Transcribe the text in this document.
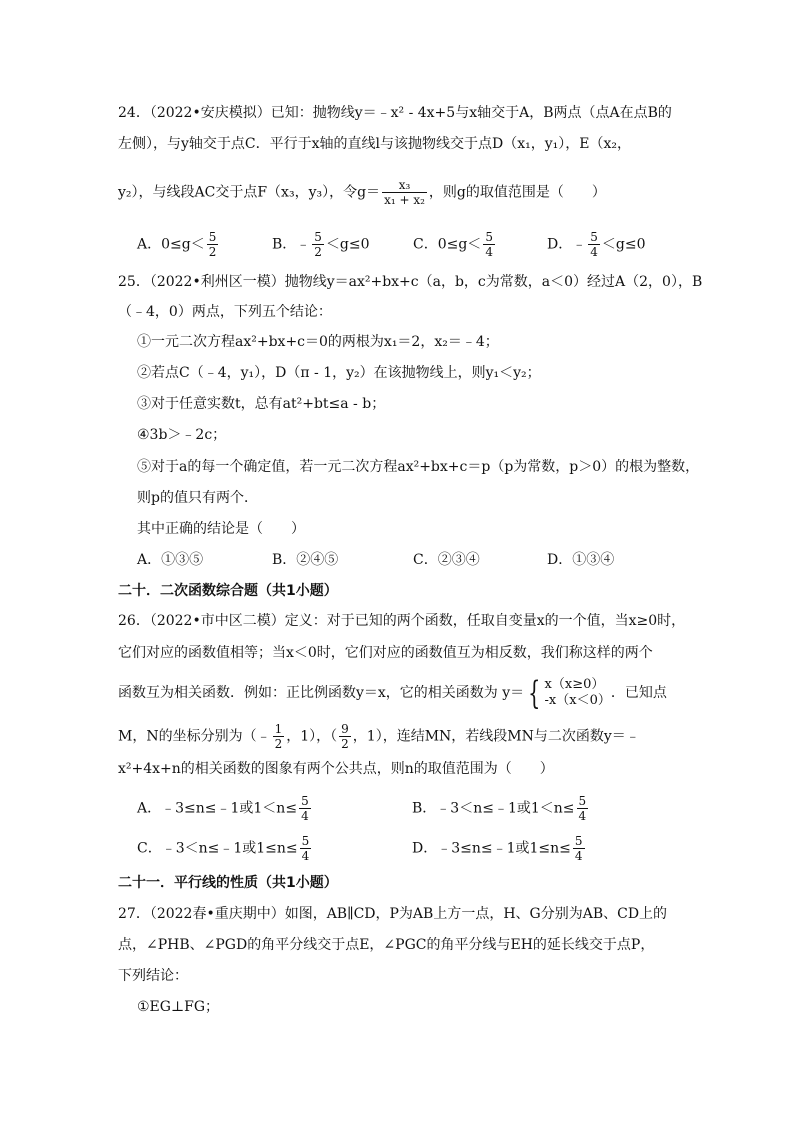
24．（2022•安庆模拟）已知：抛物线y＝﹣x² - 4x+5与x轴交于A，B两点（点A在点B的
左侧），与y轴交于点C．平行于x轴的直线l与该抛物线交于点D（x₁，y₁），E（x₂，
y₂），与线段AC交于点F（x₃，y₃），令$g= \frac{\text{x₃}}{\text{x₁ + x₂}}$ ，则g的取值范围是（　　）
A．$0\le g< \frac{5}{2}$	B．﹣ $\frac{5}{2} <g\le 0$	C．$0\le g< \frac{5}{4}$	D．﹣ $\frac{5}{4} <g\le 0$
25．（2022•利州区一模）抛物线y＝ax²+bx+c（a，b，c为常数，a＜0）经过A（2，0），B
（﹣4，0）两点，下列五个结论：
①一元二次方程ax²+bx+c＝0的两根为x₁＝2，x₂＝﹣4；
②若点C（﹣4，y₁），D（π - 1，y₂）在该抛物线上，则y₁＜y₂；
③对于任意实数t，总有at²+bt≤a - b；
④3b＞﹣2c；
⑤对于a的每一个确定值，若一元二次方程ax²+bx+c＝p（p为常数，p＞0）的根为整数，
则p的值只有两个．
其中正确的结论是（　　）
A．①③⑤	B．②④⑤	C．②③④	D．①③④
二十．二次函数综合题（共1小题）
26．（2022•市中区二模）定义：对于已知的两个函数，任取自变量x的一个值，当x≥0时，
它们对应的函数值相等；当x＜0时，它们对应的函数值互为相反数，我们称这样的两个
函数互为相关函数．例如：正比例函数y＝x，它的相关函数为 y＝ { x（x≥0）
-x（x＜0） ．已知点
M，N的坐标分别为（﹣ $\frac{1}{2}$ ，1），（ $\frac{9}{2}$ ，1），连结MN，若线段MN与二次函数y＝﹣
x²+4x+n的相关函数的图象有两个公共点，则n的取值范围为（　　）
A．﹣3≤n≤﹣1或$1<n\le \frac{5}{4}$	B．﹣3＜n≤﹣1或$1<n\le \frac{5}{4}$
C．﹣3＜n≤﹣1或$1\le n\le \frac{5}{4}$	D．﹣3≤n≤﹣1或$1\le n\le \frac{5}{4}$
二十一．平行线的性质（共1小题）
27．（2022春•重庆期中）如图，AB∥CD，P为AB上方一点，H、G分别为AB、CD上的
点，∠PHB、∠PGD的角平分线交于点E，∠PGC的角平分线与EH的延长线交于点P，
下列结论：
①EG⊥FG；
